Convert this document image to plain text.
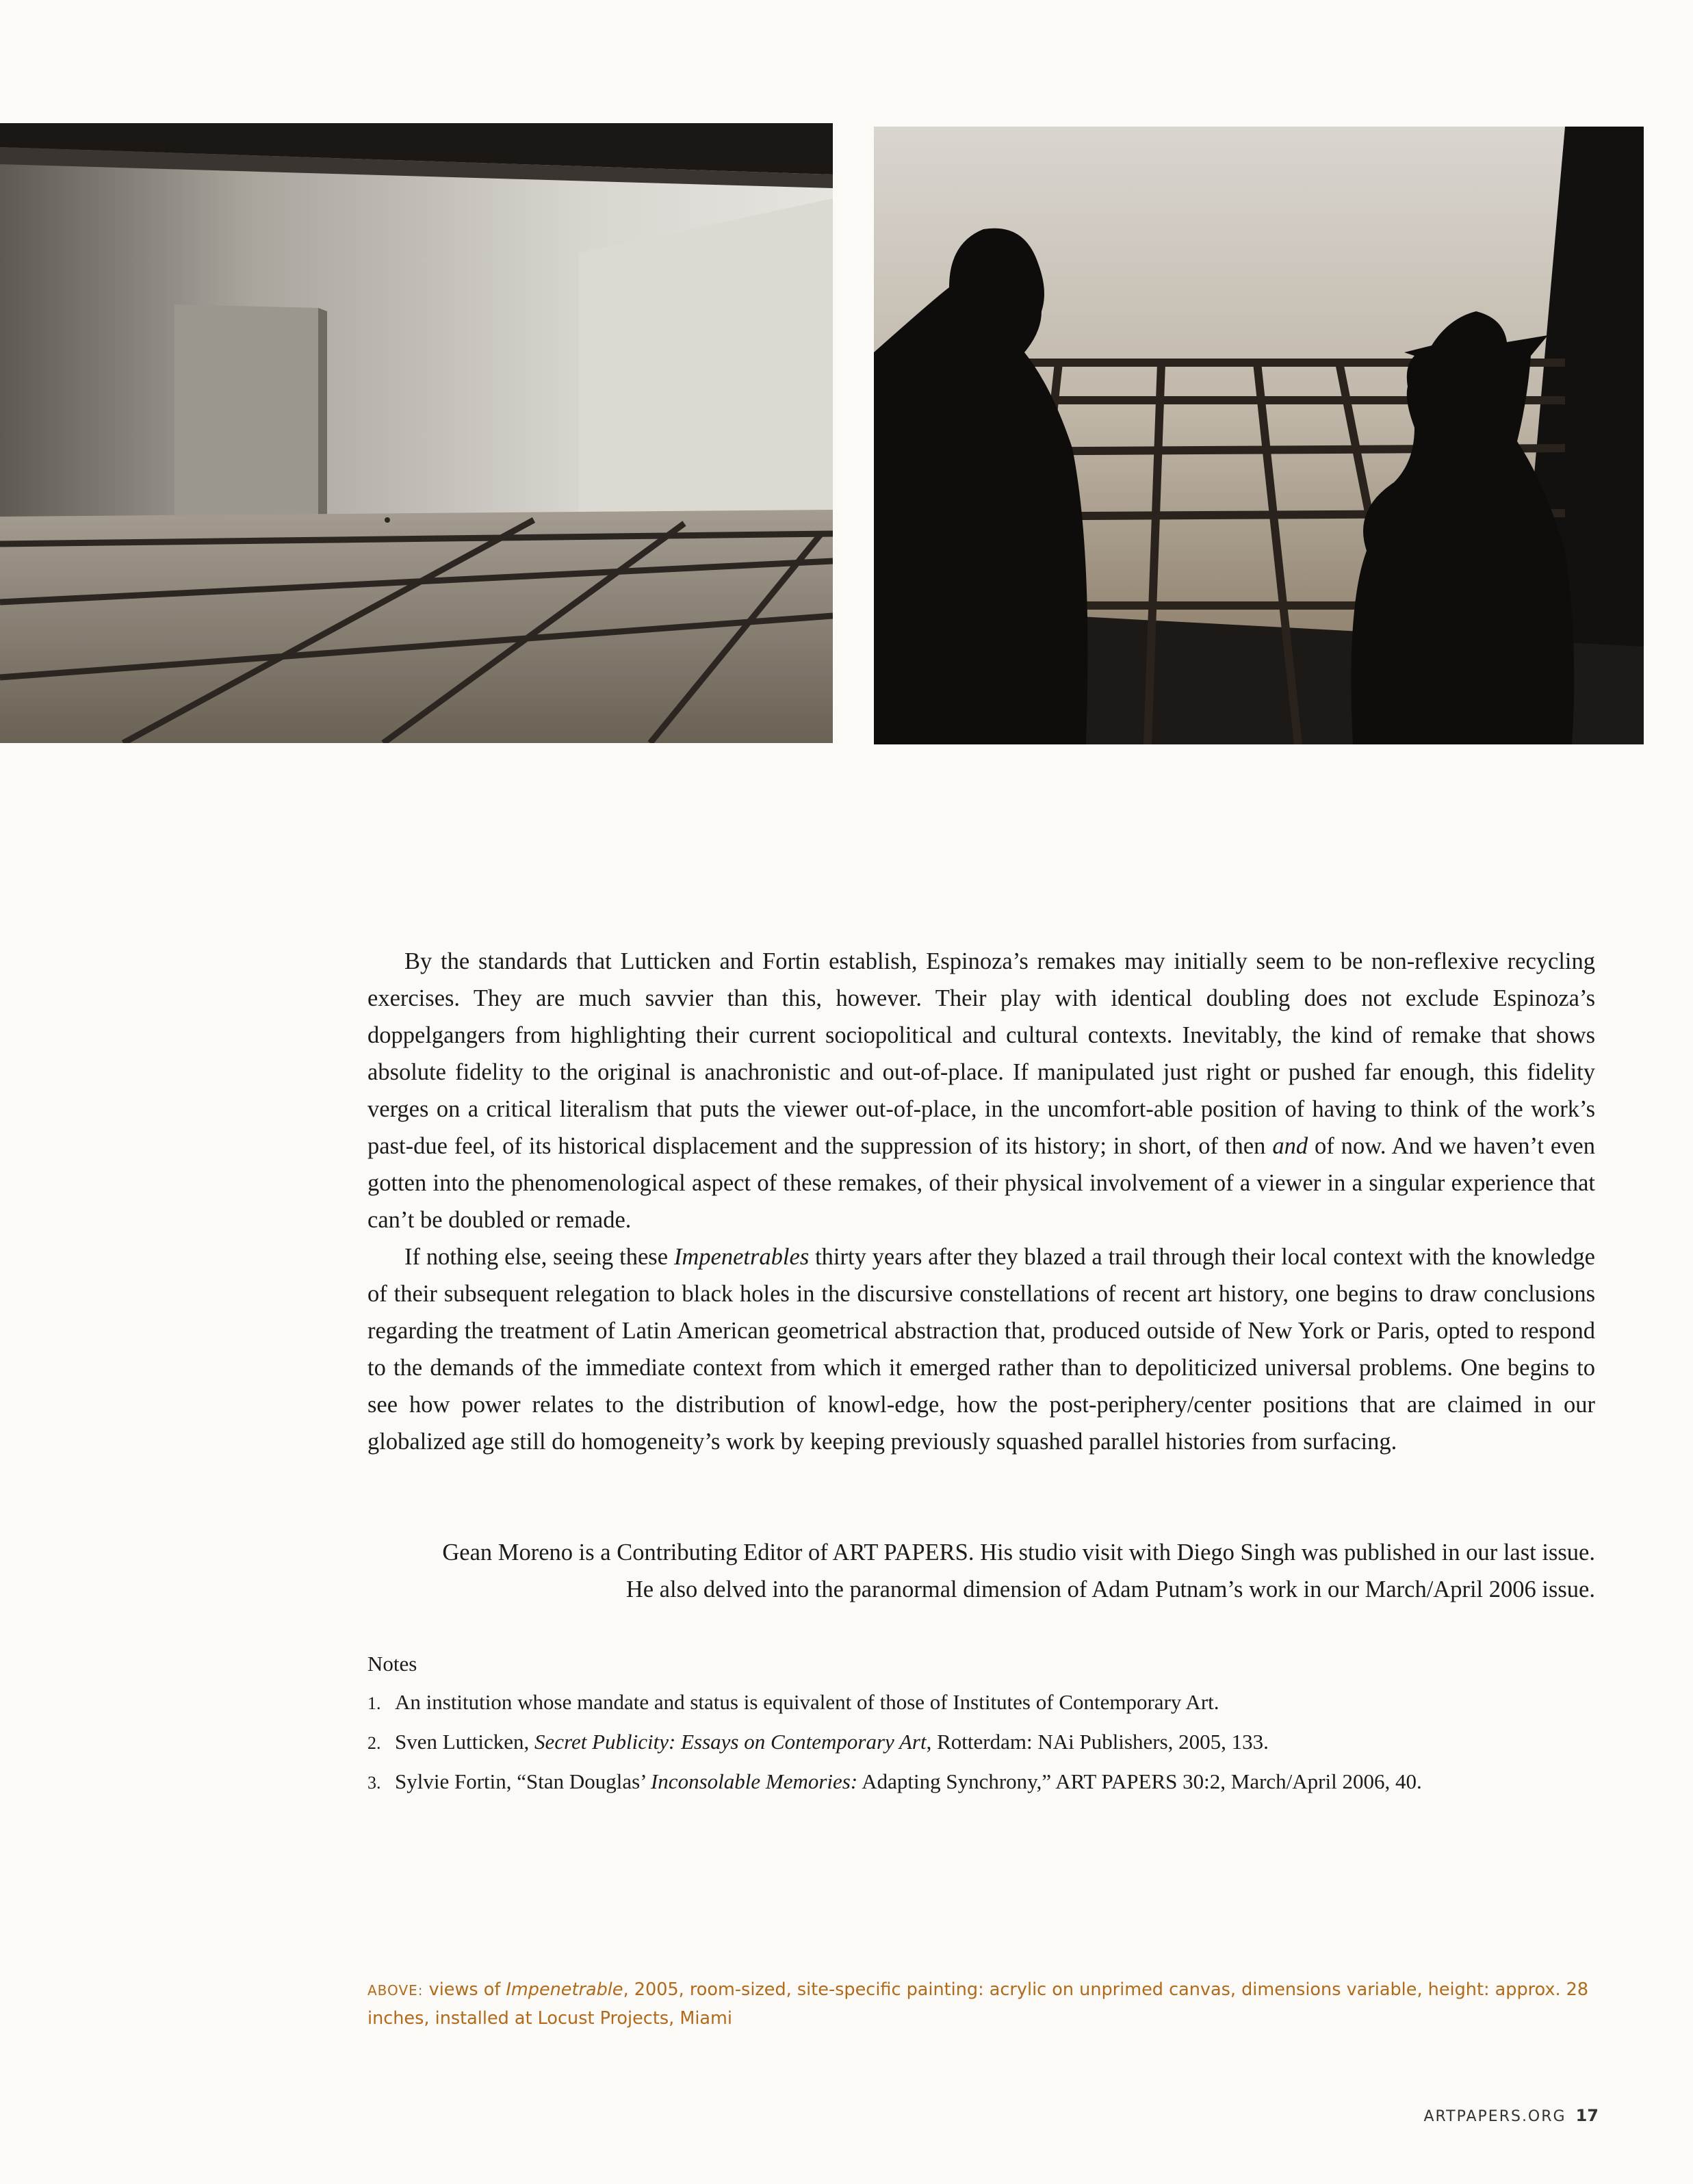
By the standards that Lutticken and Fortin establish, Espinoza’s remakes may initially seem to be non-reflexive recycling exercises. They are much savvier than this, however. Their play with identical doubling does not exclude Espinoza’s doppelgangers from highlighting their current sociopolitical and cultural contexts. Inevitably, the kind of remake that shows absolute fidelity to the original is anachronistic and out-of-place. If manipulated just right or pushed far enough, this fidelity verges on a critical literalism that puts the viewer out-of-place, in the uncomfort-able position of having to think of the work’s past-due feel, of its historical displacement and the suppression of its history; in short, of then and of now. And we haven’t even gotten into the phenomenological aspect of these remakes, of their physical involvement of a viewer in a singular experience that can’t be doubled or remade.

If nothing else, seeing these Impenetrables thirty years after they blazed a trail through their local context with the knowledge of their subsequent relegation to black holes in the discursive constellations of recent art history, one begins to draw conclusions regarding the treatment of Latin American geometrical abstraction that, produced outside of New York or Paris, opted to respond to the demands of the immediate context from which it emerged rather than to depoliticized universal problems. One begins to see how power relates to the distribution of knowl-edge, how the post-periphery/center positions that are claimed in our globalized age still do homogeneity’s work by keeping previously squashed parallel histories from surfacing.

Gean Moreno is a Contributing Editor of ART PAPERS. His studio visit with Diego Singh was published in our last issue.
He also delved into the paranormal dimension of Adam Putnam’s work in our March/April 2006 issue.
Notes
1. An institution whose mandate and status is equivalent of those of Institutes of Contemporary Art.
2. Sven Lutticken, Secret Publicity: Essays on Contemporary Art, Rotterdam: NAi Publishers, 2005, 133.
3. Sylvie Fortin, “Stan Douglas’ Inconsolable Memories: Adapting Synchrony,” ART PAPERS 30:2, March/April 2006, 40.
ABOVE: views of Impenetrable, 2005, room-sized, site-specific painting: acrylic on unprimed canvas, dimensions variable, height: approx. 28 inches, installed at Locust Projects, Miami
ARTPAPERS.ORG 17
